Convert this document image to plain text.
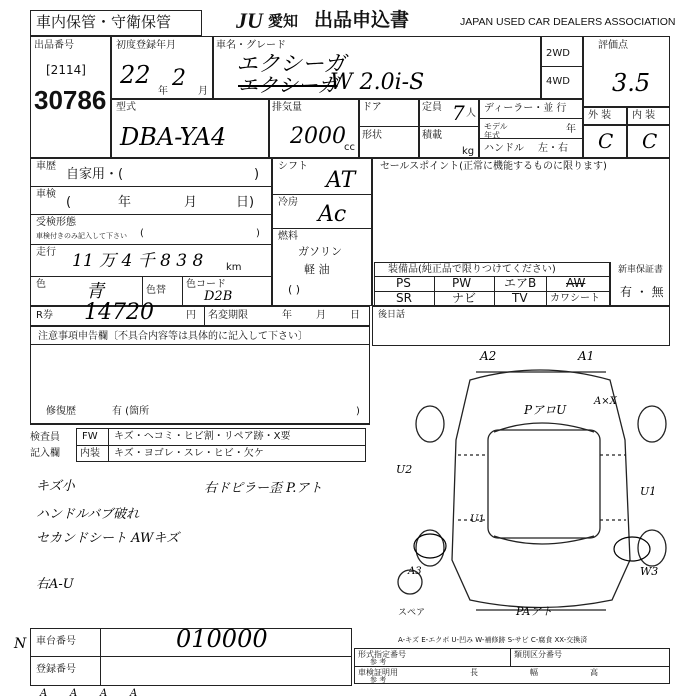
車内保管・守衛保管	JU 愛知 出品申込書	JAPAN USED CAR DEALERS ASSOCIATION
出品番号
[2114]
30786
初度登録年月
22
年
2
月
車名・グレード
エクシーガ
エクシーガ
W 2.0i-S
2WD
4WD
評価点
3.5
外 装 内 装
C C
型式
DBA-YA4
排気量
2000
cc
ドア
形状
定員 7 人
積載
kg
ディーラー・並 行
モデル 年式
年
ハンドル 左・右
車歴
自家用・(	)
車検
(	年	月	日)
受検形態
車検付きのみ記入して下さい (	)
走行 11 万 4 千 8 3 8 km
色 青	色替
色コード
D2B
シフト
AT
冷房 Ac
燃料
ガソリン
軽 油
( )
セールスポイント(正常に機能するものに限ります)
装備品(純正品で限りつけてください)
PS	PW	エアB AW
SR	ナビ	TV カワシート
新車保証書
有 ・ 無
R券 14720	円 名変期限	年 月 日 後日話
注意事項申告欄〔不具合内容等は具体的に記入して下さい〕
修復歴	有 (箇所	)
検査員
記入欄
FW キズ・ヘコミ・ヒビ割・リペア跡・X要
内装 キズ・ヨゴレ・スレ・ヒビ・欠ケ
右ドピラー歪 P.アト
キズ小
ハンドルバブ破れ
セカンドシート AWキズ
右A-U
A2	A1
PアロU
A×X
U2
U1
U1
A3	W3
PAアト
スペア
A-キズ E-エクボ U-凹み W-補修跡 S-サビ C-腐食 XX-交換済
車台番号	010000
登録番号
形式指定番号
参 考
類別区分番号
長	幅	高
車検証明用
参 考
N
A A A A
